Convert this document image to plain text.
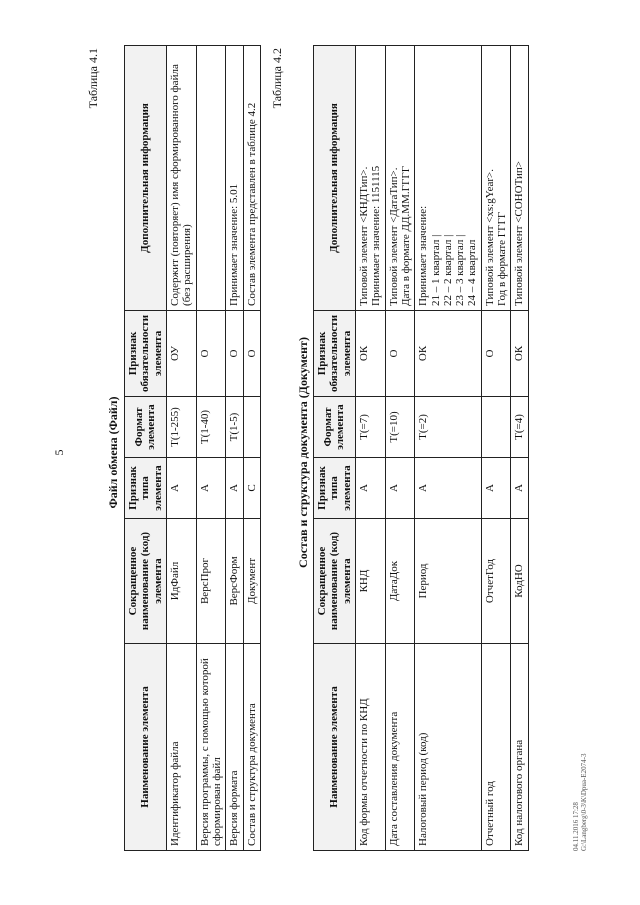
5
Таблица 4.1
Файл обмена (Файл)
Наименование элемента	Сокращенное наименование (код) элемента	Признак типа элемента	Формат элемента	Признак обязательности элемента	Дополнительная информация
Идентификатор файла	ИдФайл	А	T(1-255)	ОУ	Содержит (повторяет) имя сформированного файла (без расширения)

Версия программы, с помощью которой сформирован файл	ВерсПрог	А	T(1-40)	О	

Версия формата	ВерсФорм	А	T(1-5)	О	Принимает значение: 5.01

Состав и структура документа	Документ	С		О	Состав элемента представлен в таблице 4.2
Таблица 4.2
Состав и структура документа (Документ)
Наименование элемента	Сокращенное наименование (код) элемента	Признак типа элемента	Формат элемента	Признак обязательности элемента	Дополнительная информация
Код формы отчетности по КНД	КНД	А	T(=7)	ОК	Типовой элемент <КНДТип>. Принимает значение: 1151115

Дата составления документа	ДатаДок	А	T(=10)	О	Типовой элемент <ДатаТип>. Дата в формате ДД.ММ.ГГГГ

Налоговый период (код)	Период	А	T(=2)	ОК	Принимает значение: 21 – 1 квартал | 22 – 2 квартал | 23 – 3 квартал | 24 – 4 квартал

Отчетный год	ОтчетГод	А		О	Типовой элемент <xs:gYear>. Год в формате ГГГГ

Код налогового органа	КодНО	А	T(=4)	ОК	Типовой элемент <СОНОТип>
04.11.2016 17:28 G:\Langberg\0-3\K\Dpua-E2074-3
